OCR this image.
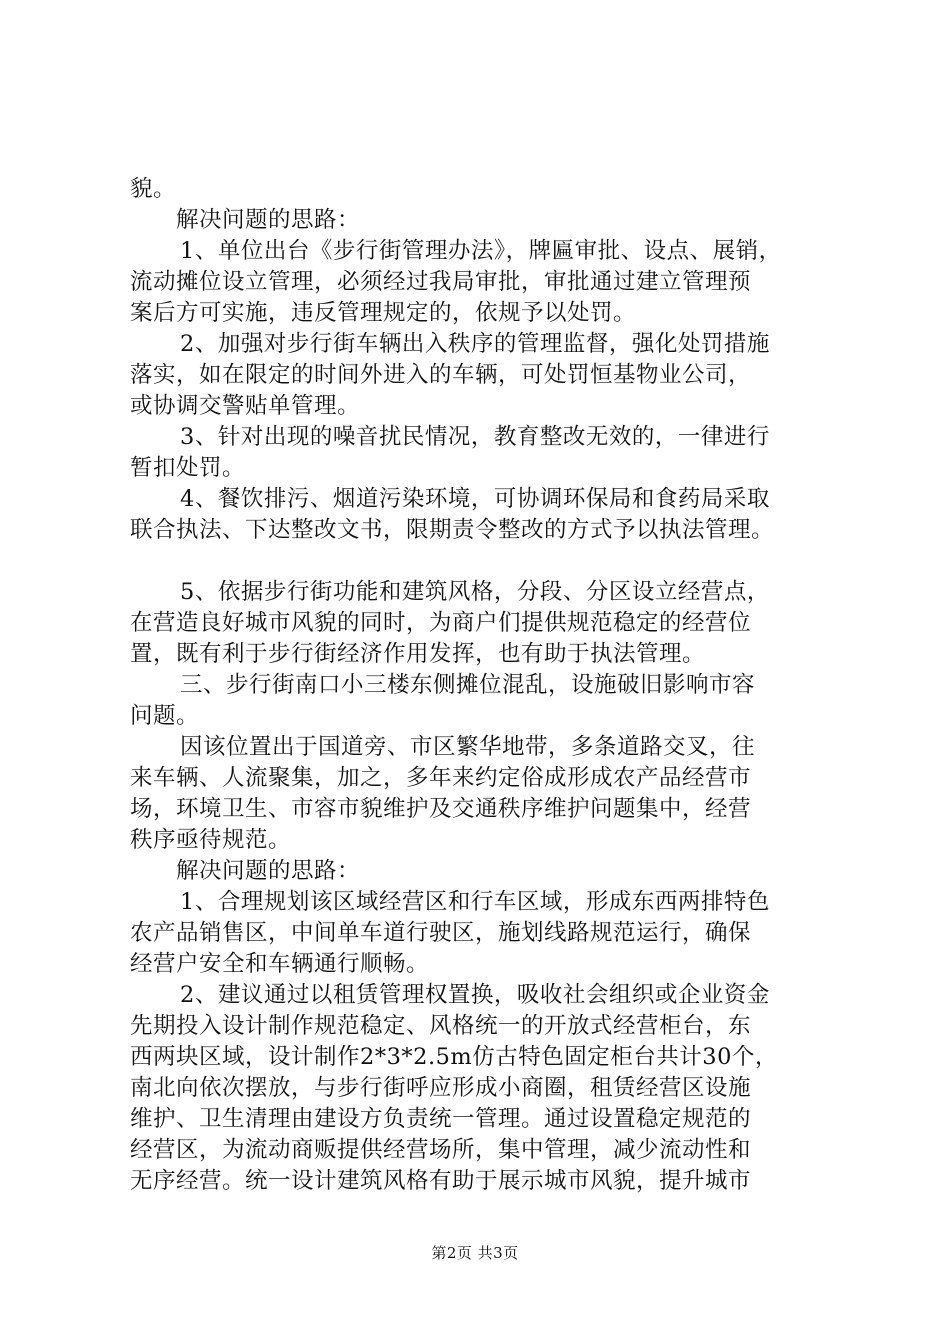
貌。
解决问题的思路：
1、单位出台《步行街管理办法》，牌匾审批、设点、展销，
流动摊位设立管理，必须经过我局审批，审批通过建立管理预
案后方可实施，违反管理规定的，依规予以处罚。
2、加强对步行街车辆出入秩序的管理监督，强化处罚措施
落实，如在限定的时间外进入的车辆，可处罚恒基物业公司，
或协调交警贴单管理。
3、针对出现的噪音扰民情况，教育整改无效的，一律进行
暂扣处罚。
4、餐饮排污、烟道污染环境，可协调环保局和食药局采取
联合执法、下达整改文书，限期责令整改的方式予以执法管理。
5、依据步行街功能和建筑风格，分段、分区设立经营点，
在营造良好城市风貌的同时，为商户们提供规范稳定的经营位
置，既有利于步行街经济作用发挥，也有助于执法管理。
三、步行街南口小三楼东侧摊位混乱，设施破旧影响市容
问题。
因该位置出于国道旁、市区繁华地带，多条道路交叉，往
来车辆、人流聚集，加之，多年来约定俗成形成农产品经营市
场，环境卫生、市容市貌维护及交通秩序维护问题集中，经营
秩序亟待规范。
解决问题的思路：
1、合理规划该区域经营区和行车区域，形成东西两排特色
农产品销售区，中间单车道行驶区，施划线路规范运行，确保
经营户安全和车辆通行顺畅。
2、建议通过以租赁管理权置换，吸收社会组织或企业资金
先期投入设计制作规范稳定、风格统一的开放式经营柜台，东
西两块区域，设计制作2*3*2.5m仿古特色固定柜台共计30个，
南北向依次摆放，与步行街呼应形成小商圈，租赁经营区设施
维护、卫生清理由建设方负责统一管理。通过设置稳定规范的
经营区，为流动商贩提供经营场所，集中管理，减少流动性和
无序经营。统一设计建筑风格有助于展示城市风貌，提升城市
第2页 共3页
